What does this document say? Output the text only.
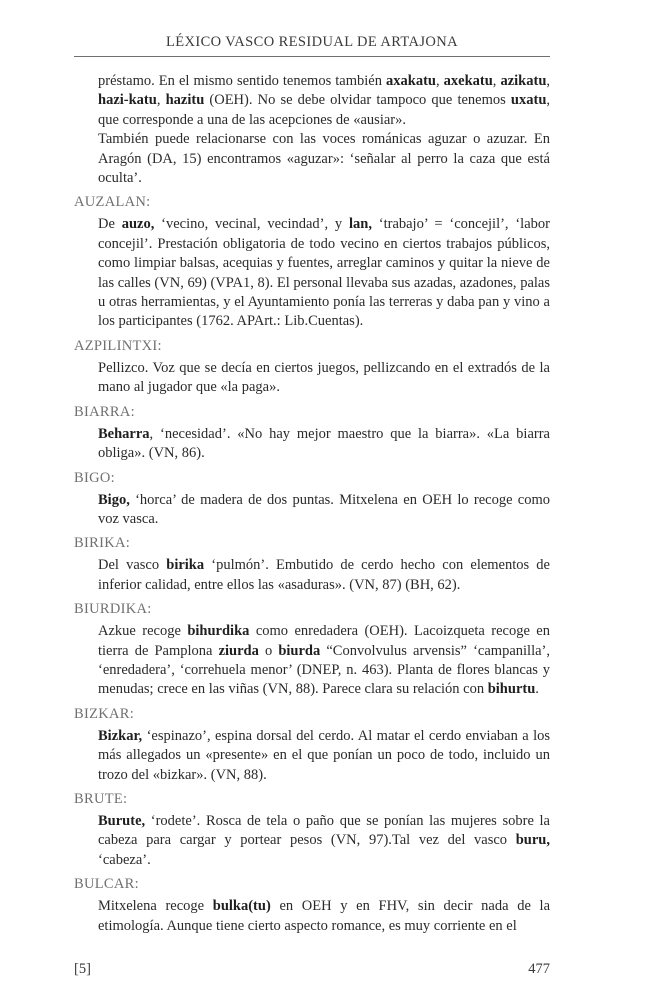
LÉXICO VASCO RESIDUAL DE ARTAJONA
préstamo. En el mismo sentido tenemos también axakatu, axekatu, azikatu, hazi-katu, hazitu (OEH). No se debe olvidar tampoco que tenemos uxatu, que corresponde a una de las acepciones de «ausiar».
También puede relacionarse con las voces románicas aguzar o azuzar. En Aragón (DA, 15) encontramos «aguzar»: ‘señalar al perro la caza que está oculta’.
AUZALAN:
De auzo, ‘vecino, vecinal, vecindad’, y lan, ‘trabajo’ = ‘concejil’, ‘labor concejil’. Prestación obligatoria de todo vecino en ciertos trabajos públicos, como limpiar balsas, acequias y fuentes, arreglar caminos y quitar la nieve de las calles (VN, 69) (VPA1, 8). El personal llevaba sus azadas, azadones, palas u otras herramientas, y el Ayuntamiento ponía las terreras y daba pan y vino a los participantes (1762. APArt.: Lib.Cuentas).
AZPILINTXI:
Pellizco. Voz que se decía en ciertos juegos, pellizcando en el extradós de la mano al jugador que «la paga».
BIARRA:
Beharra, ‘necesidad’. «No hay mejor maestro que la biarra». «La biarra obliga». (VN, 86).
BIGO:
Bigo, ‘horca’ de madera de dos puntas. Mitxelena en OEH lo recoge como voz vasca.
BIRIKA:
Del vasco birika ‘pulmón’. Embutido de cerdo hecho con elementos de inferior calidad, entre ellos las «asaduras». (VN, 87) (BH, 62).
BIURDIKA:
Azkue recoge bihurdika como enredadera (OEH). Lacoizqueta recoge en tierra de Pamplona ziurda o biurda “Convolvulus arvensis” ‘campanilla’, ‘enredadera’, ‘correhuela menor’ (DNEP, n. 463). Planta de flores blancas y menudas; crece en las viñas (VN, 88). Parece clara su relación con bihurtu.
BIZKAR:
Bizkar, ‘espinazo’, espina dorsal del cerdo. Al matar el cerdo enviaban a los más allegados un «presente» en el que ponían un poco de todo, incluido un trozo del «bizkar». (VN, 88).
BRUTE:
Burute, ‘rodete’. Rosca de tela o paño que se ponían las mujeres sobre la cabeza para cargar y portear pesos (VN, 97).Tal vez del vasco buru, ‘cabeza’.
BULCAR:
Mitxelena recoge bulka(tu) en OEH y en FHV, sin decir nada de la etimología. Aunque tiene cierto aspecto romance, es muy corriente en el
[5]	477
